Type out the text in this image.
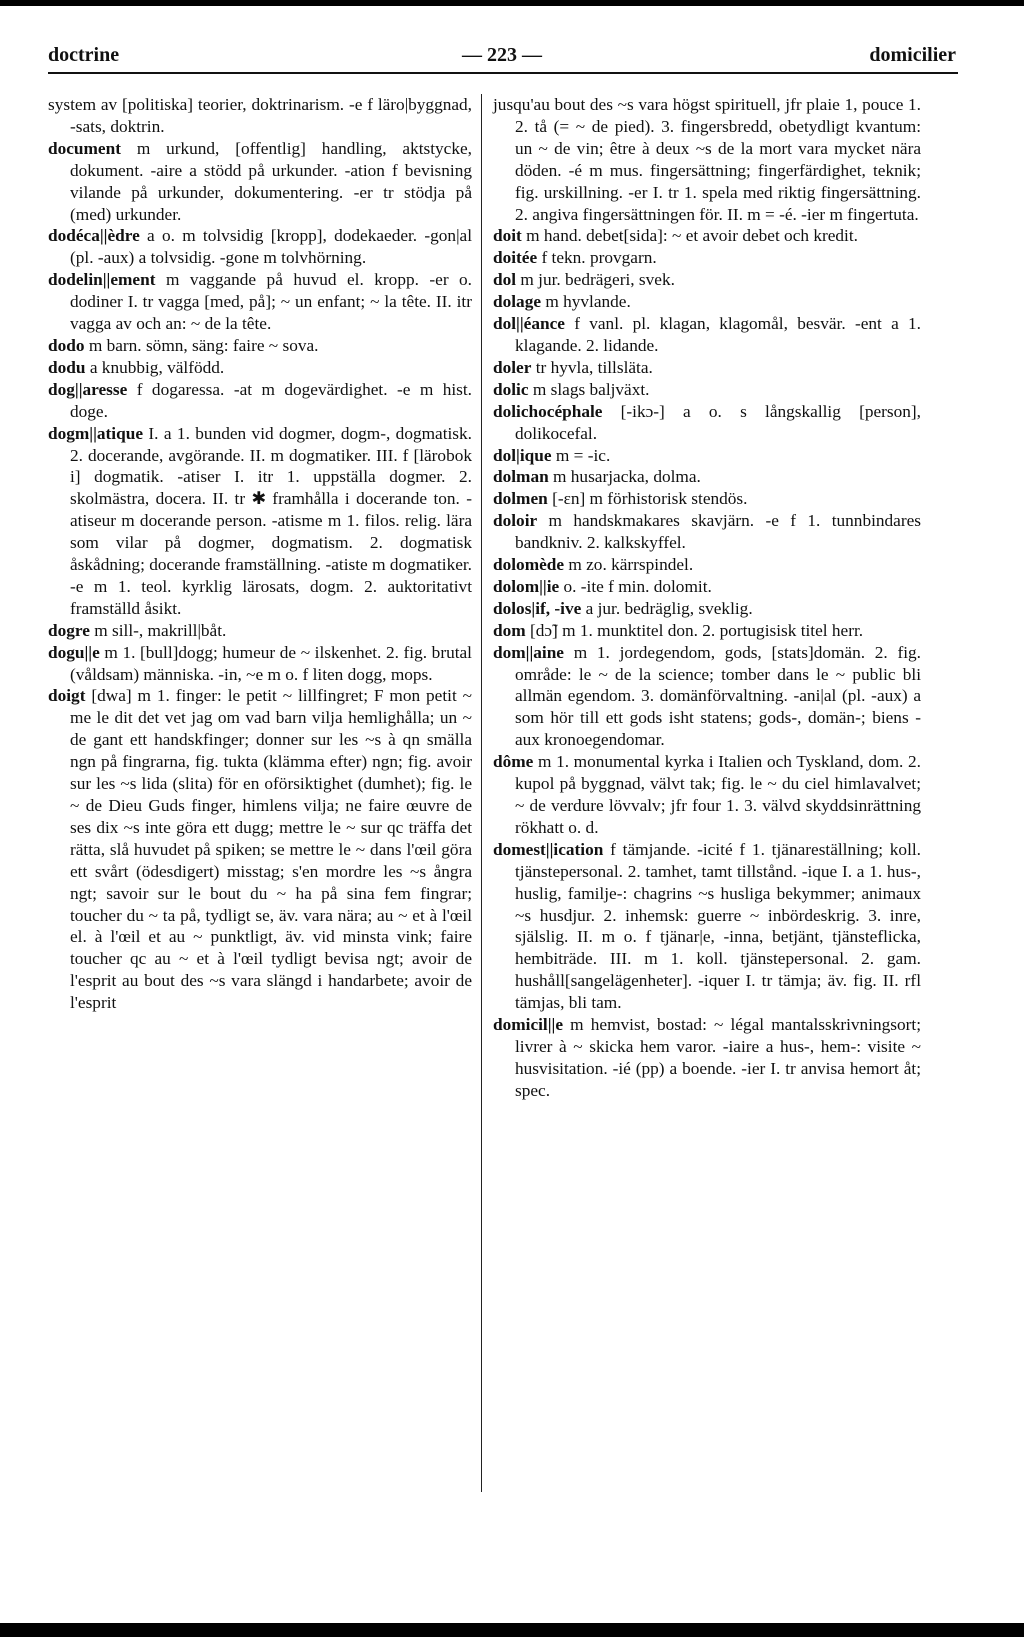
doctrine	— 223 —	domicilier

system av [politiska] teorier, doktrinarism. -e f läro|byggnad, -sats, doktrin.

document m urkund, [offentlig] handling, aktstycke, dokument. -aire a stödd på urkunder. -ation f bevisning vilande på urkunder, dokumentering. -er tr stödja på (med) urkunder.

dodéca||èdre a o. m tolvsidig [kropp], dodekaeder. -gon|al (pl. -aux) a tolvsidig. -gone m tolvhörning.

dodelin||ement m vaggande på huvud el. kropp. -er o. dodiner I. tr vagga [med, på]; ~ un enfant; ~ la tête. II. itr vagga av och an: ~ de la tête.

dodo m barn. sömn, säng: faire ~ sova.

dodu a knubbig, välfödd.

dog||aresse f dogaressa. -at m dogevärdighet. -e m hist. doge.

dogm||atique I. a 1. bunden vid dogmer, dogm-, dogmatisk. 2. docerande, avgörande. II. m dogmatiker. III. f [lärobok i] dogmatik. -atiser I. itr 1. uppställa dogmer. 2. skolmästra, docera. II. tr ✱ framhålla i docerande ton. -atiseur m docerande person. -atisme m 1. filos. relig. lära som vilar på dogmer, dogmatism. 2. dogmatisk åskådning; docerande framställning. -atiste m dogmatiker. -e m 1. teol. kyrklig lärosats, dogm. 2. auktoritativt framställd åsikt.

dogre m sill-, makrill|båt.

dogu||e m 1. [bull]dogg; humeur de ~ ilskenhet. 2. fig. brutal (våldsam) människa. -in, ~e m o. f liten dogg, mops.

doigt [dwa] m 1. finger: le petit ~ lillfingret; F mon petit ~ me le dit det vet jag om vad barn vilja hemlighålla; un ~ de gant ett handskfinger; donner sur les ~s à qn smälla ngn på fingrarna, fig. tukta (klämma efter) ngn; fig. avoir sur les ~s lida (slita) för en oförsiktighet (dumhet); fig. le ~ de Dieu Guds finger, himlens vilja; ne faire œuvre de ses dix ~s inte göra ett dugg; mettre le ~ sur qc träffa det rätta, slå huvudet på spiken; se mettre le ~ dans l'œil göra ett svårt (ödesdigert) misstag; s'en mordre les ~s ångra ngt; savoir sur le bout du ~ ha på sina fem fingrar; toucher du ~ ta på, tydligt se, äv. vara nära; au ~ et à l'œil el. à l'œil et au ~ punktligt, äv. vid minsta vink; faire toucher qc au ~ et à l'œil tydligt bevisa ngt; avoir de l'esprit au bout des ~s vara slängd i handarbete; avoir de l'esprit

jusqu'au bout des ~s vara högst spirituell, jfr plaie 1, pouce 1. 2. tå (= ~ de pied). 3. fingersbredd, obetydligt kvantum: un ~ de vin; être à deux ~s de la mort vara mycket nära döden. -é m mus. fingersättning; fingerfärdighet, teknik; fig. urskillning. -er I. tr 1. spela med riktig fingersättning. 2. angiva fingersättningen för. II. m = -é. -ier m fingertuta.

doit m hand. debet[sida]: ~ et avoir debet och kredit.

doitée f tekn. provgarn.

dol m jur. bedrägeri, svek.

dolage m hyvlande.

dol||éance f vanl. pl. klagan, klagomål, besvär. -ent a 1. klagande. 2. lidande.

doler tr hyvla, tillsläta.

dolic m slags baljväxt.

dolichocéphale [-ikɔ-] a o. s långskallig [person], dolikocefal.

dol|ique m = -ic.

dolman m husarjacka, dolma.

dolmen [-ɛn] m förhistorisk stendös.

doloir m handskmakares skavjärn. -e f 1. tunnbindares bandkniv. 2. kalkskyffel.

dolomède m zo. kärrspindel.

dolom||ie o. -ite f min. dolomit.

dolos|if, -ive a jur. bedräglig, sveklig.

dom [dɔ̃] m 1. munktitel don. 2. portugisisk titel herr.

dom||aine m 1. jordegendom, gods, [stats]domän. 2. fig. område: le ~ de la science; tomber dans le ~ public bli allmän egendom. 3. domänförvaltning. -ani|al (pl. -aux) a som hör till ett gods isht statens; gods-, domän-; biens -aux kronoegendomar.

dôme m 1. monumental kyrka i Italien och Tyskland, dom. 2. kupol på byggnad, välvt tak; fig. le ~ du ciel himlavalvet; ~ de verdure lövvalv; jfr four 1. 3. välvd skyddsinrättning rökhatt o. d.

domest||ication f tämjande. -icité f 1. tjänareställning; koll. tjänstepersonal. 2. tamhet, tamt tillstånd. -ique I. a 1. hus-, huslig, familje-: chagrins ~s husliga bekymmer; animaux ~s husdjur. 2. inhemsk: guerre ~ inbördeskrig. 3. inre, själslig. II. m o. f tjänar|e, -inna, betjänt, tjänsteflicka, hembiträde. III. m 1. koll. tjänstepersonal. 2. gam. hushåll[sangelägenheter]. -iquer I. tr tämja; äv. fig. II. rfl tämjas, bli tam.

domicil||e m hemvist, bostad: ~ légal mantalsskrivningsort; livrer à ~ skicka hem varor. -iaire a hus-, hem-: visite ~ husvisitation. -ié (pp) a boende. -ier I. tr anvisa hemort åt; spec.
